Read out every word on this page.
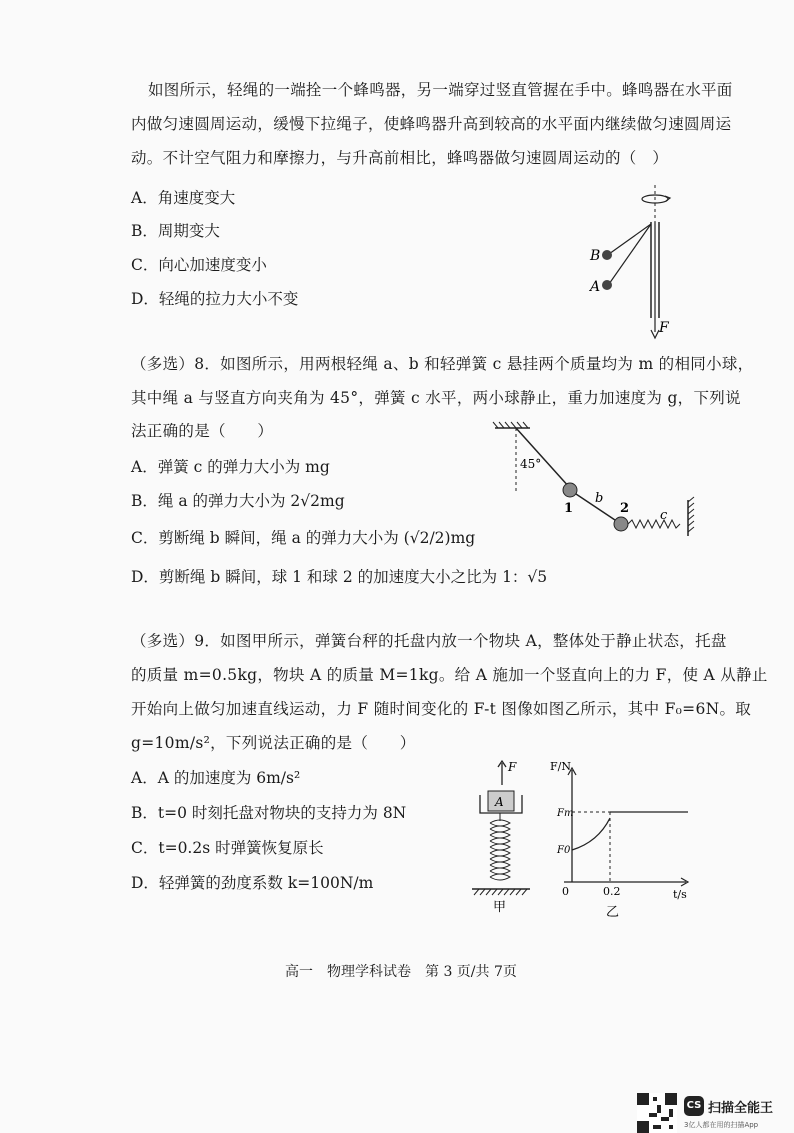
如图所示，轻绳的一端拴一个蜂鸣器，另一端穿过竖直管握在手中。蜂鸣器在水平面
内做匀速圆周运动，缓慢下拉绳子，使蜂鸣器升高到较高的水平面内继续做匀速圆周运
动。不计空气阻力和摩擦力，与升高前相比，蜂鸣器做匀速圆周运动的（　）
A．角速度变大
B．周期变大
C．向心加速度变小
D．轻绳的拉力大小不变
B
A
F
（多选）8．如图所示，用两根轻绳 a、b 和轻弹簧 c 悬挂两个质量均为 m 的相同小球，
其中绳 a 与竖直方向夹角为 45°，弹簧 c 水平，两小球静止，重力加速度为 g，下列说
法正确的是（　　）
A．弹簧 c 的弹力大小为 mg
B．绳 a 的弹力大小为 2√2mg
C．剪断绳 b 瞬间，绳 a 的弹力大小为 (√2/2)mg
D．剪断绳 b 瞬间，球 1 和球 2 的加速度大小之比为 1：√5
45°
1	2
b
c
（多选）9．如图甲所示，弹簧台秤的托盘内放一个物块 A，整体处于静止状态，托盘
的质量 m=0.5kg，物块 A 的质量 M=1kg。给 A 施加一个竖直向上的力 F，使 A 从静止
开始向上做匀加速直线运动，力 F 随时间变化的 F-t 图像如图乙所示，其中 F₀=6N。取
g=10m/s²，下列说法正确的是（　　）
A．A 的加速度为 6m/s²
B．t=0 时刻托盘对物块的支持力为 8N
C．t=0.2s 时弹簧恢复原长
D．轻弹簧的劲度系数 k=100N/m
F
A
甲
F/N
t/s
0
Fm
F0
0.2
乙
高一　物理学科试卷　第 3 页/共 7页
CS 扫描全能王
3亿人都在用的扫描App
